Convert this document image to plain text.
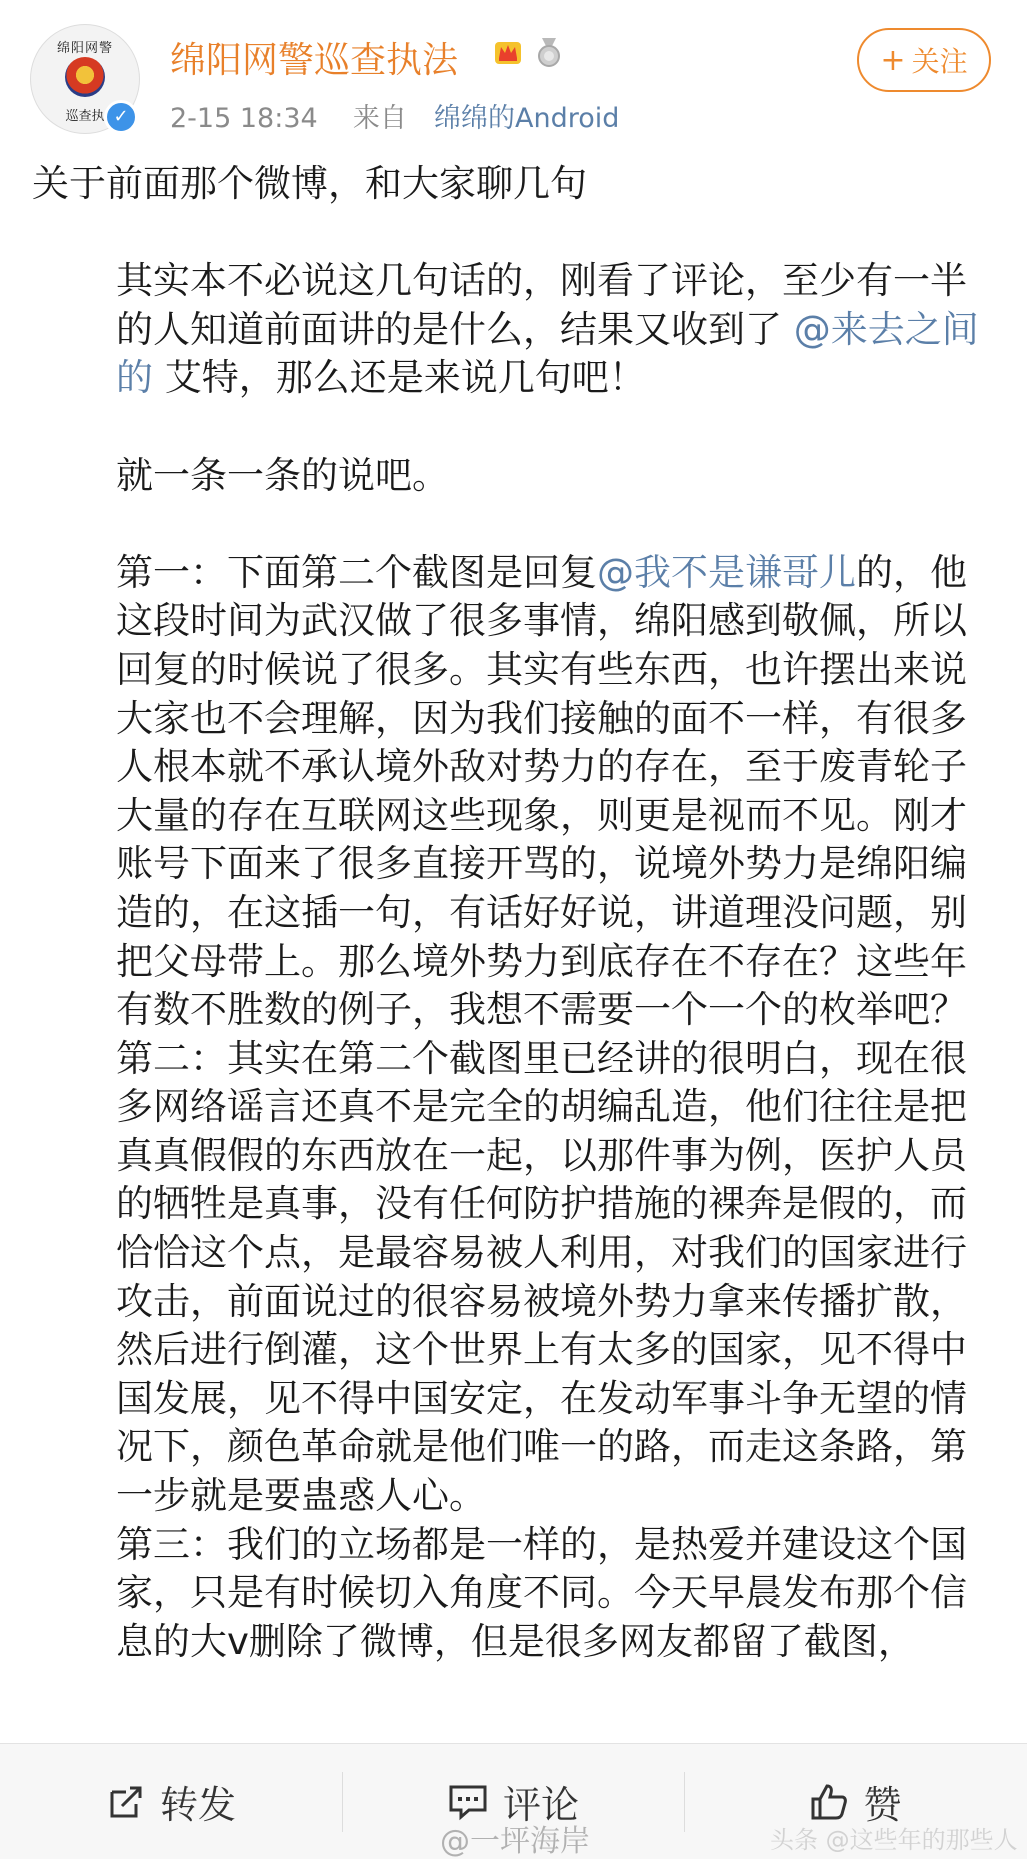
绵阳网警
巡查执 ✓
绵阳网警巡查执法
2-15 18:34 来自 绵绵的Android
+ 关注

关于前面那个微博，和大家聊几句

其实本不必说这几句话的，刚看了评论，至少有一半的人知道前面讲的是什么，结果又收到了 @来去之间的 艾特，那么还是来说几句吧！

就一条一条的说吧。

第一：下面第二个截图是回复@我不是谦哥儿的，他这段时间为武汉做了很多事情，绵阳感到敬佩，所以回复的时候说了很多。其实有些东西，也许摆出来说大家也不会理解，因为我们接触的面不一样，有很多人根本就不承认境外敌对势力的存在，至于废青轮子大量的存在互联网这些现象，则更是视而不见。刚才账号下面来了很多直接开骂的，说境外势力是绵阳编造的，在这插一句，有话好好说，讲道理没问题，别把父母带上。那么境外势力到底存在不存在？这些年有数不胜数的例子，我想不需要一个一个的枚举吧？

第二：其实在第二个截图里已经讲的很明白，现在很多网络谣言还真不是完全的胡编乱造，他们往往是把真真假假的东西放在一起，以那件事为例，医护人员的牺牲是真事，没有任何防护措施的裸奔是假的，而恰恰这个点，是最容易被人利用，对我们的国家进行攻击，前面说过的很容易被境外势力拿来传播扩散，然后进行倒灌，这个世界上有太多的国家，见不得中国发展，见不得中国安定，在发动军事斗争无望的情况下，颜色革命就是他们唯一的路，而走这条路，第一步就是要蛊惑人心。

第三：我们的立场都是一样的，是热爱并建设这个国家，只是有时候切入角度不同。今天早晨发布那个信息的大v删除了微博，但是很多网友都留了截图，

转发	评论	赞
@一坪海岸	头条 @这些年的那些人
